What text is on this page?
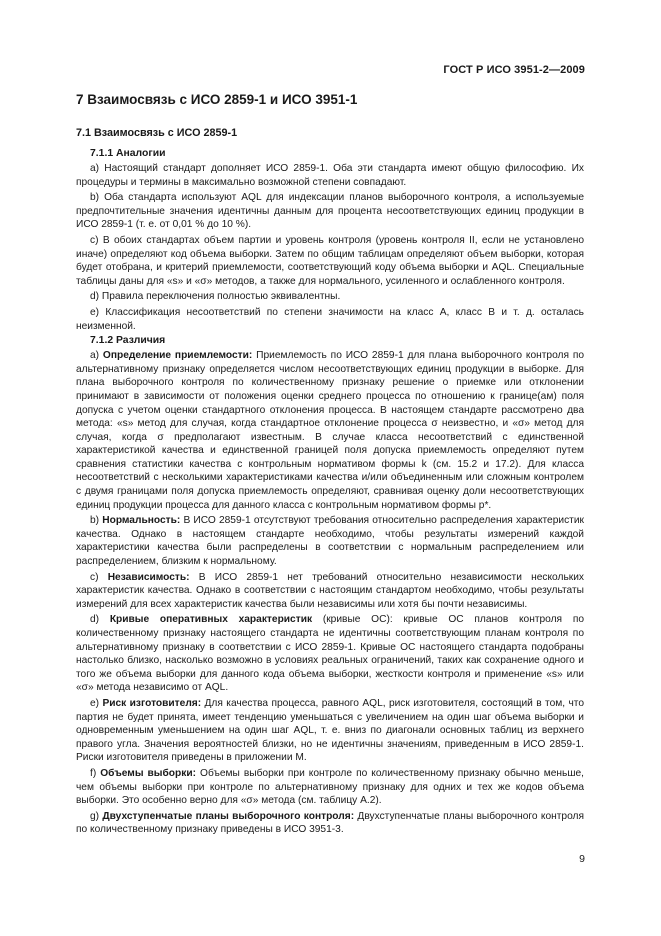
ГОСТ Р ИСО 3951-2—2009
7 Взаимосвязь с ИСО 2859-1 и ИСО 3951-1
7.1 Взаимосвязь с ИСО 2859-1
7.1.1 Аналогии

а) Настоящий стандарт дополняет ИСО 2859-1. Оба эти стандарта имеют общую философию. Их процедуры и термины в максимально возможной степени совпадают.

b) Оба стандарта используют AQL для индексации планов выборочного контроля, а используемые предпочтительные значения идентичны данным для процента несоответствующих единиц продукции в ИСО 2859-1 (т. е. от 0,01 % до 10 %).

с) В обоих стандартах объем партии и уровень контроля (уровень контроля II, если не установлено иначе) определяют код объема выборки. Затем по общим таблицам определяют объем выборки, которая будет отобрана, и критерий приемлемости, соответствующий коду объема выборки и AQL. Специальные таблицы даны для «s» и «σ» методов, а также для нормального, усиленного и ослабленного контроля.

d) Правила переключения полностью эквивалентны.

е) Классификация несоответствий по степени значимости на класс А, класс В и т. д. осталась неизменной.

7.1.2 Различия

а) Определение приемлемости: Приемлемость по ИСО 2859-1 для плана выборочного контроля по альтернативному признаку определяется числом несоответствующих единиц продукции в выборке. Для плана выборочного контроля по количественному признаку решение о приемке или отклонении принимают в зависимости от положения оценки среднего процесса по отношению к границе(ам) поля допуска с учетом оценки стандартного отклонения процесса. В настоящем стандарте рассмотрено два метода: «s» метод для случая, когда стандартное отклонение процесса σ неизвестно, и «σ» метод для случая, когда σ предполагают известным. В случае класса несоответствий с единственной характеристикой качества и единственной границей поля допуска приемлемость определяют путем сравнения статистики качества с контрольным нормативом формы k (см. 15.2 и 17.2). Для класса несоответствий с несколькими характеристиками качества и/или объединенным или сложным контролем с двумя границами поля допуска приемлемость определяют, сравнивая оценку доли несоответствующих единиц продукции процесса для данного класса с контрольным нормативом формы p*.

b) Нормальность: В ИСО 2859-1 отсутствуют требования относительно распределения характеристик качества. Однако в настоящем стандарте необходимо, чтобы результаты измерений каждой характеристики качества были распределены в соответствии с нормальным распределением или распределением, близким к нормальному.

с) Независимость: В ИСО 2859-1 нет требований относительно независимости нескольких характеристик качества. Однако в соответствии с настоящим стандартом необходимо, чтобы результаты измерений для всех характеристик качества были независимы или хотя бы почти независимы.

d) Кривые оперативных характеристик (кривые ОС): кривые ОС планов контроля по количественному признаку настоящего стандарта не идентичны соответствующим планам контроля по альтернативному признаку в соответствии с ИСО 2859-1. Кривые ОС настоящего стандарта подобраны настолько близко, насколько возможно в условиях реальных ограничений, таких как сохранение одного и того же объема выборки для данного кода объема выборки, жесткости контроля и применение «s» или «σ» метода независимо от AQL.

е) Риск изготовителя: Для качества процесса, равного AQL, риск изготовителя, состоящий в том, что партия не будет принята, имеет тенденцию уменьшаться с увеличением на один шаг объема выборки и одновременным уменьшением на один шаг AQL, т. е. вниз по диагонали основных таблиц из верхнего правого угла. Значения вероятностей близки, но не идентичны значениям, приведенным в ИСО 2859-1. Риски изготовителя приведены в приложении М.

f) Объемы выборки: Объемы выборки при контроле по количественному признаку обычно меньше, чем объемы выборки при контроле по альтернативному признаку для одних и тех же кодов объема выборки. Это особенно верно для «σ» метода (см. таблицу А.2).

g) Двухступенчатые планы выборочного контроля: Двухступенчатые планы выборочного контроля по количественному признаку приведены в ИСО 3951-3.

9
